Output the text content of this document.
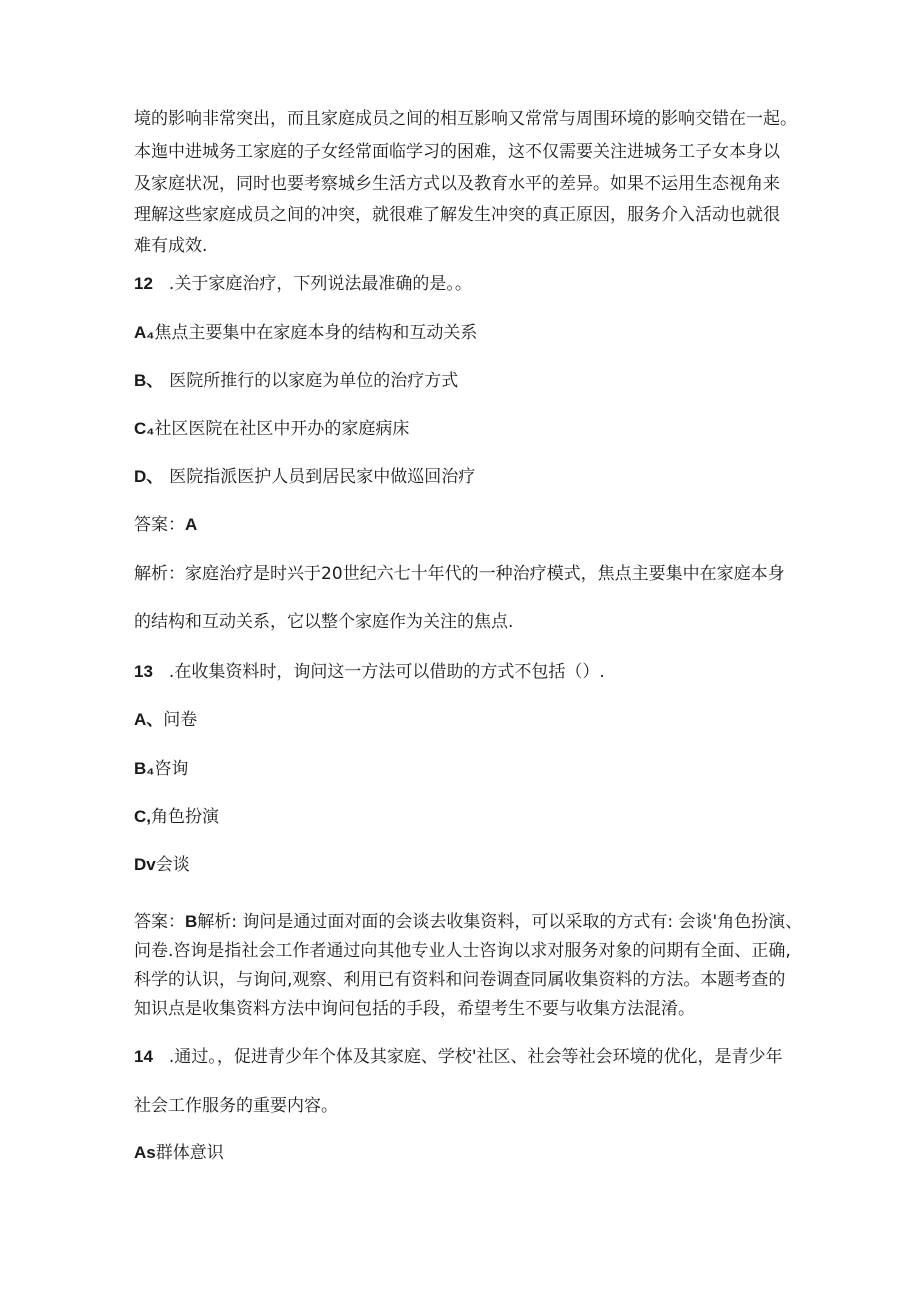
境的影响非常突出，而且家庭成员之间的相互影响又常常与周围环境的影响交错在一起。
本迤中进城务工家庭的子女经常面临学习的困难，这不仅需要关注进城务工子女本身以
及家庭状况，同时也要考察城乡生活方式以及教育水平的差异。如果不运用生态视角来
理解这些家庭成员之间的冲突，就很难了解发生冲突的真正原因，服务介入活动也就很
难有成效.
12 .关于家庭治疗，下列说法最准确的是。。
A₄焦点主要集中在家庭本身的结构和互动关系
B、 医院所推行的以家庭为单位的治疗方式
C₄社区医院在社区中开办的家庭病床
D、 医院指派医护人员到居民家中做巡回治疗
答案：A
解析：家庭治疗是时兴于20世纪六七十年代的一种治疗模式，焦点主要集中在家庭本身
的结构和互动关系，它以整个家庭作为关注的焦点.
13 .在收集资料时，询问这一方法可以借助的方式不包括（）.
A、问卷
B₄咨询
C,角色扮演
Dv会谈
答案：B解析: 询问是通过面对面的会谈去收集资料，可以采取的方式有: 会谈'角色扮演、
问卷.咨询是指社会工作者通过向其他专业人士咨询以求对服务对象的问期有全面、正确,
科学的认识，与询问,观察、利用已有资料和问卷调查同属收集资料的方法。本题考查的
知识点是收集资料方法中询问包括的手段，希望考生不要与收集方法混淆。
14 .通过。，促进青少年个体及其家庭、学校'社区、社会等社会环境的优化，是青少年
社会工作服务的重要内容。
As群体意识
